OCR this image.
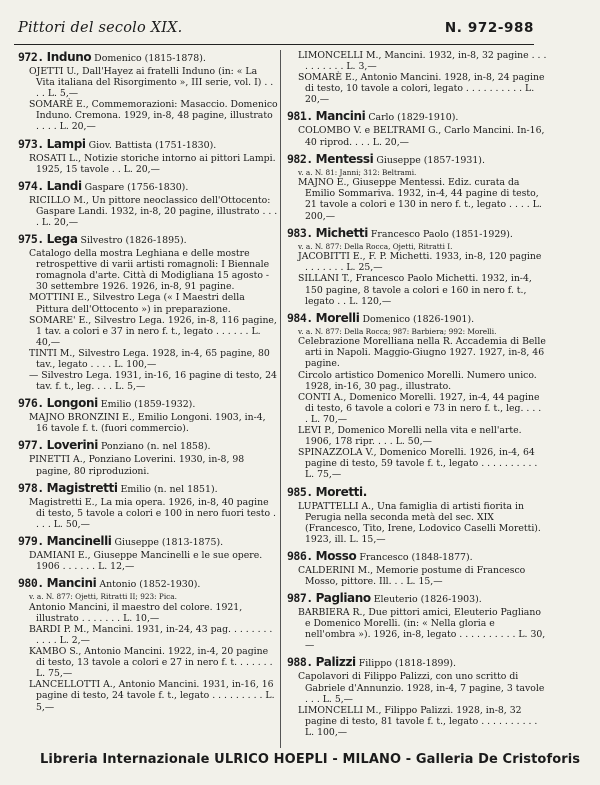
Pittori del secolo XIX.	N. 972-988
972. Induno Domenico (1815-1878).
OJETTI U., Dall'Hayez ai fratelli Induno (in: « La Vita italiana del Risorgimento », III serie, vol. I) . . . . L. 5,—
SOMARÈ E., Commemorazioni: Masaccio. Domenico Induno. Cremona. 1929, in-8, 48 pagine, illustrato . . . . L. 20,—
973. Lampi Giov. Battista (1751-1830).
ROSATI L., Notizie storiche intorno ai pittori Lampi. 1925, 15 tavole . . L. 20,—
974. Landi Gaspare (1756-1830).
RICILLO M., Un pittore neoclassico dell'Ottocento: Gaspare Landi. 1932, in-8, 20 pagine, illustrato . . . . L. 20,—
975. Lega Silvestro (1826-1895).
Catalogo della mostra Leghiana e delle mostre retrospettive di varii artisti romagnoli: I Biennale romagnola d'arte. Città di Modigliana 15 agosto - 30 settembre 1926. 1926, in-8, 91 pagine.
MOTTINI E., Silvestro Lega (« I Maestri della Pittura dell'Ottocento ») in preparazione.
SOMARE' E., Silvestro Lega. 1926, in-8, 116 pagine, 1 tav. a colori e 37 in nero f. t., legato . . . . . . L. 40,—
TINTI M., Silvestro Lega. 1928, in-4, 65 pagine, 80 tav., legato . . . . L. 100,—
— Silvestro Lega. 1931, in-16, 16 pagine di testo, 24 tav. f. t., leg. . . . L. 5,—
976. Longoni Emilio (1859-1932).
MAJNO BRONZINI E., Emilio Longoni. 1903, in-4, 16 tavole f. t. (fuori commercio).
977. Loverini Ponziano (n. nel 1858).
PINETTI A., Ponziano Loverini. 1930, in-8, 98 pagine, 80 riproduzioni.
978. Magistretti Emilio (n. nel 1851).
Magistretti E., La mia opera. 1926, in-8, 40 pagine di testo, 5 tavole a colori e 100 in nero fuori testo . . . . L. 50,—
979. Mancinelli Giuseppe (1813-1875).
DAMIANI E., Giuseppe Mancinelli e le sue opere. 1906 . . . . . . L. 12,—
980. Mancini Antonio (1852-1930).
v. a. N. 877: Ojetti, Ritratti II; 923: Pica.
Antonio Mancini, il maestro del colore. 1921, illustrato . . . . . . . L. 10,—
BARDI P. M., Mancini. 1931, in-24, 43 pag. . . . . . . . . . . . L. 2,—
KAMBO S., Antonio Mancini. 1922, in-4, 20 pagine di testo, 13 tavole a colori e 27 in nero f. t. . . . . . . L. 75,—
LANCELLOTTI A., Antonio Mancini. 1931, in-16, 16 pagine di testo, 24 tavole f. t., legato . . . . . . . . . L. 5,—
LIMONCELLI M., Mancini. 1932, in-8, 32 pagine . . . . . . . . . . L. 3,—
SOMARÈ E., Antonio Mancini. 1928, in-8, 24 pagine di testo, 10 tavole a colori, legato . . . . . . . . . . L. 20,—
981. Mancini Carlo (1829-1910).
COLOMBO V. e BELTRAMI G., Carlo Mancini. In-16, 40 riprod. . . . L. 20,—
982. Mentessi Giuseppe (1857-1931).
v. a. N. 81: Janni; 312: Beltrami.
MAJNO E., Giuseppe Mentessi. Ediz. curata da Emilio Sommariva. 1932, in-4, 44 pagine di testo, 21 tavole a colori e 130 in nero f. t., legato . . . . L. 200,—
983. Michetti Francesco Paolo (1851-1929).
v. a. N. 877: Della Rocca, Ojetti, Ritratti I.
JACOBITTI E., F. P. Michetti. 1933, in-8, 120 pagine . . . . . . . L. 25,—
SILLANI T., Francesco Paolo Michetti. 1932, in-4, 150 pagine, 8 tavole a colori e 160 in nero f. t., legato . . L. 120,—
984. Morelli Domenico (1826-1901).
v. a. N. 877: Della Rocca; 987: Barbiera; 992: Morelli.
Celebrazione Morelliana nella R. Accademia di Belle arti in Napoli. Maggio-Giugno 1927. 1927, in-8, 46 pagine.
Circolo artistico Domenico Morelli. Numero unico. 1928, in-16, 30 pag., illustrato.
CONTI A., Domenico Morelli. 1927, in-4, 44 pagine di testo, 6 tavole a colori e 73 in nero f. t., leg. . . . . L. 70,—
LEVI P., Domenico Morelli nella vita e nell'arte. 1906, 178 ripr. . . . L. 50,—
SPINAZZOLA V., Domenico Morelli. 1926, in-4, 64 pagine di testo, 59 tavole f. t., legato . . . . . . . . . . L. 75,—
985. Moretti.
LUPATTELLI A., Una famiglia di artisti fiorita in Perugia nella seconda metà del sec. XIX (Francesco, Tito, Irene, Lodovico Caselli Moretti). 1923, ill. L. 15,—
986. Mosso Francesco (1848-1877).
CALDERINI M., Memorie postume di Francesco Mosso, pittore. Ill. . . L. 15,—
987. Pagliano Eleuterio (1826-1903).
BARBIERA R., Due pittori amici, Eleuterio Pagliano e Domenico Morelli. (in: « Nella gloria e nell'ombra »). 1926, in-8, legato . . . . . . . . . . L. 30,—
988. Palizzi Filippo (1818-1899).
Capolavori di Filippo Palizzi, con uno scritto di Gabriele d'Annunzio. 1928, in-4, 7 pagine, 3 tavole . . . L. 5,—
LIMONCELLI M., Filippo Palizzi. 1928, in-8, 32 pagine di testo, 81 tavole f. t., legato . . . . . . . . . . L. 100,—
Libreria Internazionale ULRICO HOEPLI - MILANO - Galleria De Cristoforis
